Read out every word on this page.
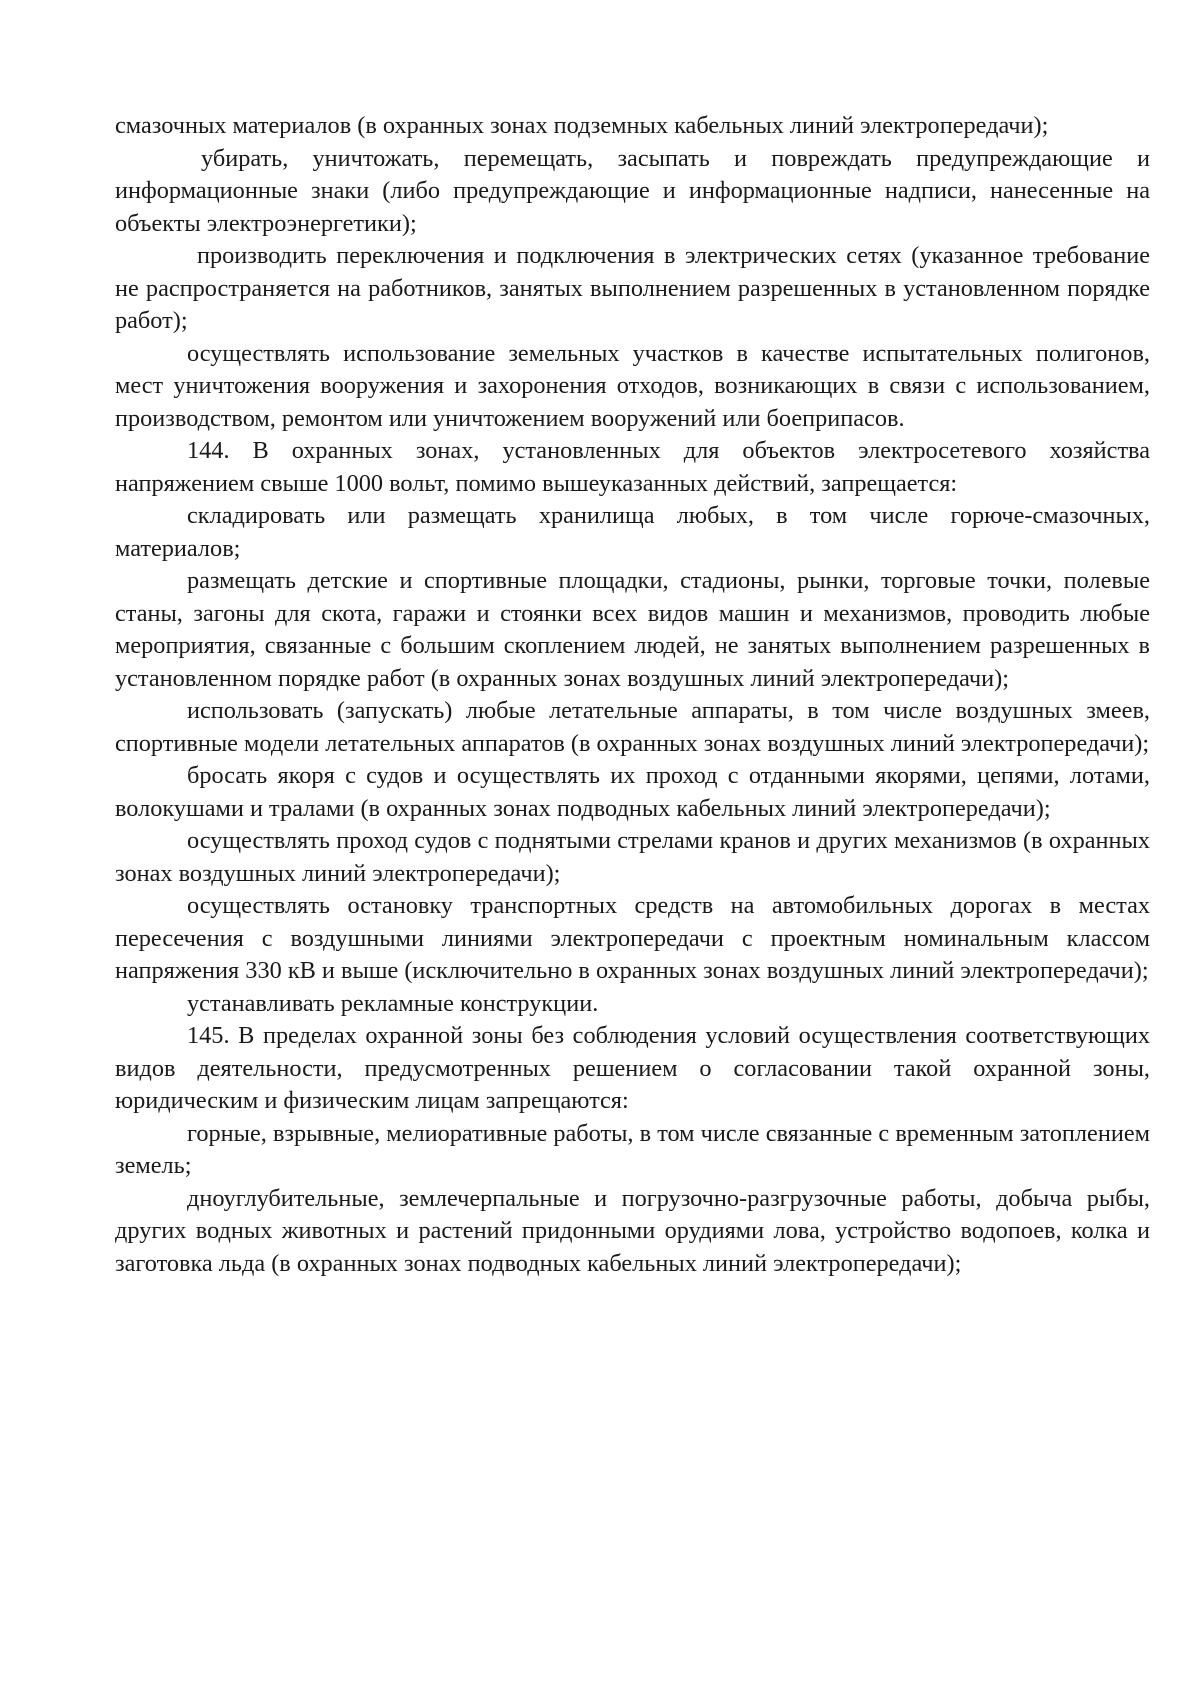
смазочных материалов (в охранных зонах подземных кабельных линий электропередачи);

убирать, уничтожать, перемещать, засыпать и повреждать предупреждающие и информационные знаки (либо предупреждающие и информационные надписи, нанесенные на объекты электроэнергетики);

производить переключения и подключения в электрических сетях (указанное требование не распространяется на работников, занятых выполнением разрешенных в установленном порядке работ);

осуществлять использование земельных участков в качестве испытательных полигонов, мест уничтожения вооружения и захоронения отходов, возникающих в связи с использованием, производством, ремонтом или уничтожением вооружений или боеприпасов.

144. В охранных зонах, установленных для объектов электросетевого хозяйства напряжением свыше 1000 вольт, помимо вышеуказанных действий, запрещается:

складировать или размещать хранилища любых, в том числе горюче-смазочных, материалов;

размещать детские и спортивные площадки, стадионы, рынки, торговые точки, полевые станы, загоны для скота, гаражи и стоянки всех видов машин и механизмов, проводить любые мероприятия, связанные с большим скоплением людей, не занятых выполнением разрешенных в установленном порядке работ (в охранных зонах воздушных линий электропередачи);

использовать (запускать) любые летательные аппараты, в том числе воздушных змеев, спортивные модели летательных аппаратов (в охранных зонах воздушных линий электропередачи);

бросать якоря с судов и осуществлять их проход с отданными якорями, цепями, лотами, волокушами и тралами (в охранных зонах подводных кабельных линий электропередачи);

осуществлять проход судов с поднятыми стрелами кранов и других механизмов (в охранных зонах воздушных линий электропередачи);

осуществлять остановку транспортных средств на автомобильных дорогах в местах пересечения с воздушными линиями электропередачи с проектным номинальным классом напряжения 330 кВ и выше (исключительно в охранных зонах воздушных линий электропередачи);

устанавливать рекламные конструкции.

145. В пределах охранной зоны без соблюдения условий осуществления соответствующих видов деятельности, предусмотренных решением о согласовании такой охранной зоны, юридическим и физическим лицам запрещаются:

горные, взрывные, мелиоративные работы, в том числе связанные с временным затоплением земель;

дноуглубительные, землечерпальные и погрузочно-разгрузочные работы, добыча рыбы, других водных животных и растений придонными орудиями лова, устройство водопоев, колка и заготовка льда (в охранных зонах подводных кабельных линий электропередачи);
